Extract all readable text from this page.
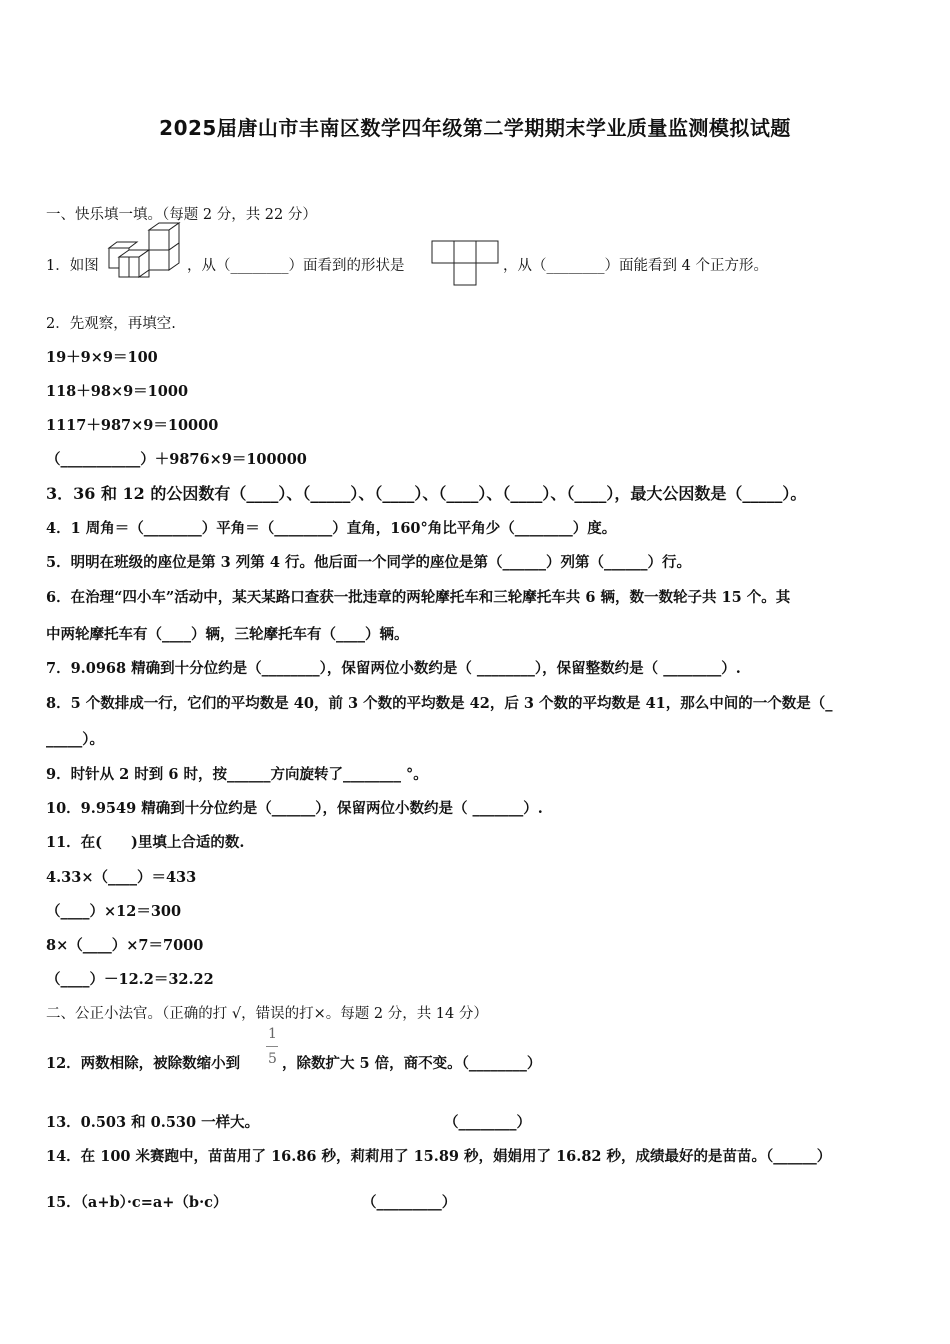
2025届唐山市丰南区数学四年级第二学期期末学业质量监测模拟试题
一、快乐填一填。（每题 2 分，共 22 分）
1．如图	，从（________）面看到的形状是	，从（________）面能看到 4 个正方形。
2．先观察，再填空.
19＋9×9＝100
118＋98×9＝1000
1117＋987×9＝10000
（___________）＋9876×9＝100000
3．36 和 12 的公因数有（____）、（_____）、（____）、（____）、（____）、（____），最大公因数是（_____）。
4．1 周角＝（________）平角＝（________）直角，160°角比平角少（________）度。
5．明明在班级的座位是第 3 列第 4 行。他后面一个同学的座位是第（______）列第（______）行。
6．在治理“四小车”活动中，某天某路口查获一批违章的两轮摩托车和三轮摩托车共 6 辆，数一数轮子共 15 个。其
中两轮摩托车有（____）辆，三轮摩托车有（____）辆。
7．9.0968 精确到十分位约是（________），保留两位小数约是（ ________），保留整数约是（ ________）.
8．5 个数排成一行，它们的平均数是 40，前 3 个数的平均数是 42，后 3 个数的平均数是 41，那么中间的一个数是（_
_____）。
9．时针从 2 时到 6 时，按______方向旋转了________ °。
10．9.9549 精确到十分位约是（______），保留两位小数约是（ _______）.
11．在(　　)里填上合适的数.
4.33×（____）＝433
（____）×12＝300
8×（____）×7＝7000
（____）－12.2＝32.22
二、公正小法官。（正确的打 √，错误的打×。每题 2 分，共 14 分）
12．两数相除，被除数缩小到
1
5 ，除数扩大 5 倍，商不变。（________）
13．0.503 和 0.530 一样大。	（________）
14．在 100 米赛跑中，苗苗用了 16.86 秒，莉莉用了 15.89 秒，娟娟用了 16.82 秒，成绩最好的是苗苗。（______）
15．（a+b）·c=a+（b·c）	（_________）
